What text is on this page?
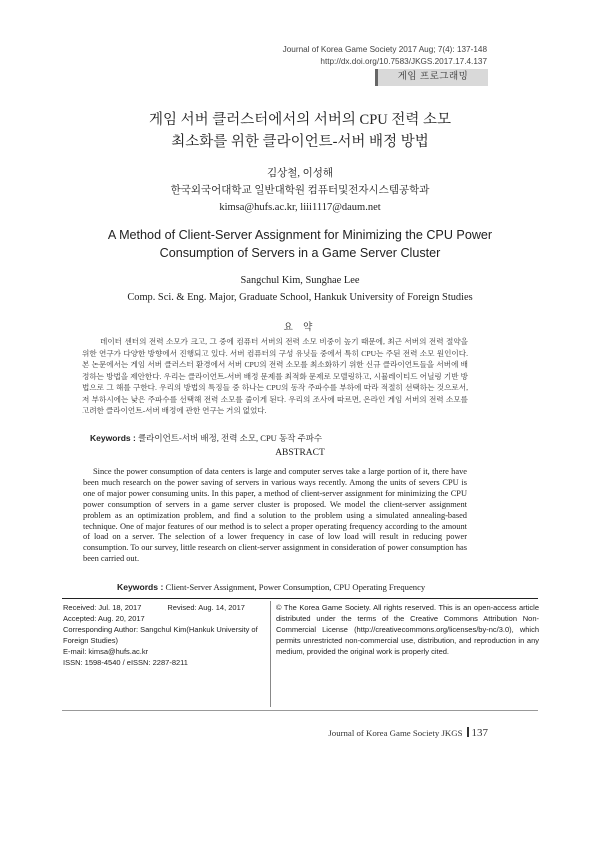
Journal of Korea Game Society 2017 Aug; 7(4): 137-148
http://dx.doi.org/10.7583/JKGS.2017.17.4.137
게임 프로그래밍
게임 서버 클러스터에서의 서버의 CPU 전력 소모
최소화를 위한 클라이언트-서버 배정 방법
김상철, 이성해
한국외국어대학교 일반대학원 컴퓨터및전자시스템공학과
kimsa@hufs.ac.kr, liii1117@daum.net
A Method of Client-Server Assignment for Minimizing the CPU Power
Consumption of Servers in a Game Server Cluster
Sangchul Kim, Sunghae Lee
Comp. Sci. & Eng. Major, Graduate School, Hankuk University of Foreign Studies
요 약
데이터 센터의 전력 소모가 크고, 그 중에 컴퓨터 서버의 전력 소모 비중이 높기 때문에, 최근 서버의 전력 절약을 위한 연구가 다양한 방향에서 진행되고 있다. 서버 컴퓨터의 구성 유닛들 중에서 특히 CPU는 주된 전력 소모 원인이다. 본 논문에서는 게임 서버 클러스터 환경에서 서버 CPU의 전력 소모를 최소화하기 위한 신규 클라이언트들을 서버에 배정하는 방법을 제안한다. 우리는 클라이언트-서버 배정 문제를 최적화 문제로 모델링하고, 시뮬레이티드 어닐링 기반 방법으로 그 해를 구한다. 우리의 방법의 특징들 중 하나는 CPU의 동작 주파수를 부하에 따라 적절히 선택하는 것으로서, 저 부하시에는 낮은 주파수를 선택해 전력 소모를 줄이게 된다. 우리의 조사에 따르면, 온라인 게임 서버의 전력 소모를 고려한 클라이언트-서버 배정에 관한 연구는 거의 없었다.
Keywords : 클라이언트-서버 배정, 전력 소모, CPU 동작 주파수
ABSTRACT
Since the power consumption of data centers is large and computer serves take a large portion of it, there have been much research on the power saving of servers in various ways recently. Among the units of severs CPU is one of major power consuming units. In this paper, a method of client-server assignment for minimizing the CPU power consumption of servers in a game server cluster is proposed. We model the client-server assignment problem as an optimization problem, and find a solution to the problem using a simulated annealing-based technique. One of major features of our method is to select a proper operating frequency according to the amount of load on a server. The selection of a lower frequency in case of low load will result in reducing power consumption. To our survey, little research on client-server assignment in consideration of power consumption has been carried out.
Keywords : Client-Server Assignment, Power Consumption, CPU Operating Frequency
Received: Jul. 18, 2017	Revised: Aug. 14, 2017
Accepted: Aug. 20, 2017
Corresponding Author: Sangchul Kim(Hankuk University of Foreign Studies)
E-mail: kimsa@hufs.ac.kr
ISSN: 1598-4540 / eISSN: 2287-8211
© The Korea Game Society. All rights reserved. This is an open-access article distributed under the terms of the Creative Commons Attribution Non-Commercial License (http://creativecommons.org/licenses/by-nc/3.0), which permits unrestricted non-commercial use, distribution, and reproduction in any medium, provided the original work is properly cited.
Journal of Korea Game Society JKGS 137
